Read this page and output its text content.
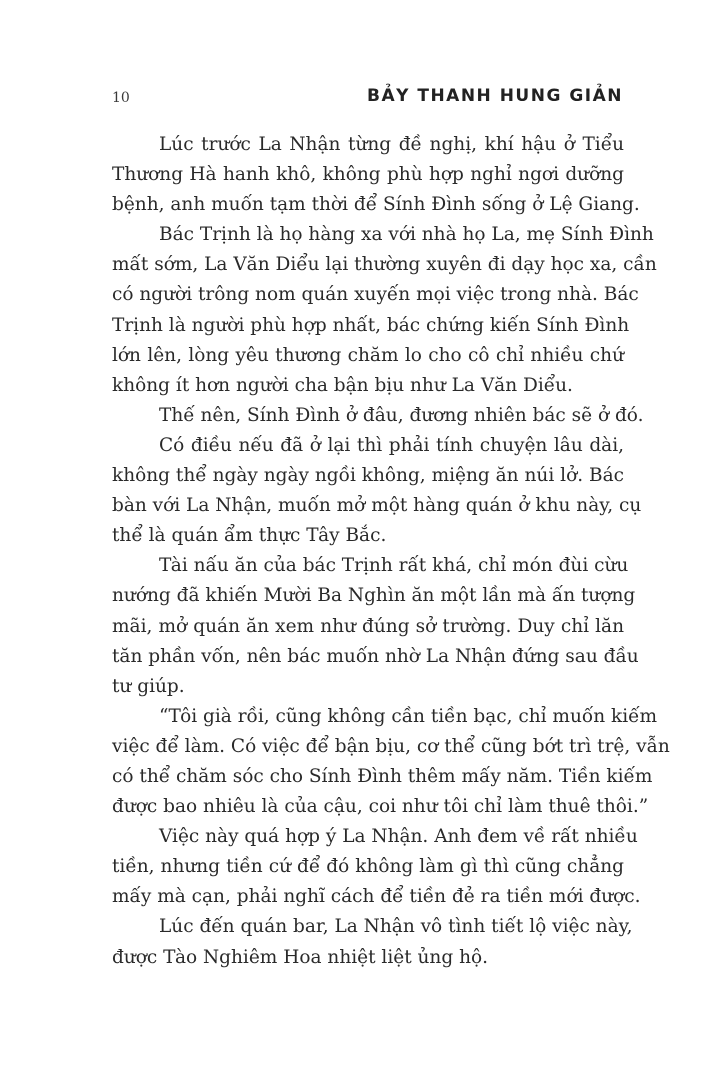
10	BẢY THANH HUNG GIẢN
Lúc trước La Nhận từng đề nghị, khí hậu ở Tiểu
Thương Hà hanh khô, không phù hợp nghỉ ngơi dưỡng
bệnh, anh muốn tạm thời để Sính Đình sống ở Lệ Giang.
Bác Trịnh là họ hàng xa với nhà họ La, mẹ Sính Đình
mất sớm, La Văn Diểu lại thường xuyên đi dạy học xa, cần
có người trông nom quán xuyến mọi việc trong nhà. Bác
Trịnh là người phù hợp nhất, bác chứng kiến Sính Đình
lớn lên, lòng yêu thương chăm lo cho cô chỉ nhiều chứ
không ít hơn người cha bận bịu như La Văn Diểu.
Thế nên, Sính Đình ở đâu, đương nhiên bác sẽ ở đó.
Có điều nếu đã ở lại thì phải tính chuyện lâu dài,
không thể ngày ngày ngồi không, miệng ăn núi lở. Bác
bàn với La Nhận, muốn mở một hàng quán ở khu này, cụ
thể là quán ẩm thực Tây Bắc.
Tài nấu ăn của bác Trịnh rất khá, chỉ món đùi cừu
nướng đã khiến Mười Ba Nghìn ăn một lần mà ấn tượng
mãi, mở quán ăn xem như đúng sở trường. Duy chỉ lăn
tăn phần vốn, nên bác muốn nhờ La Nhận đứng sau đầu
tư giúp.
“Tôi già rồi, cũng không cần tiền bạc, chỉ muốn kiếm
việc để làm. Có việc để bận bịu, cơ thể cũng bớt trì trệ, vẫn
có thể chăm sóc cho Sính Đình thêm mấy năm. Tiền kiếm
được bao nhiêu là của cậu, coi như tôi chỉ làm thuê thôi.”
Việc này quá hợp ý La Nhận. Anh đem về rất nhiều
tiền, nhưng tiền cứ để đó không làm gì thì cũng chẳng
mấy mà cạn, phải nghĩ cách để tiền đẻ ra tiền mới được.
Lúc đến quán bar, La Nhận vô tình tiết lộ việc này,
được Tào Nghiêm Hoa nhiệt liệt ủng hộ.
